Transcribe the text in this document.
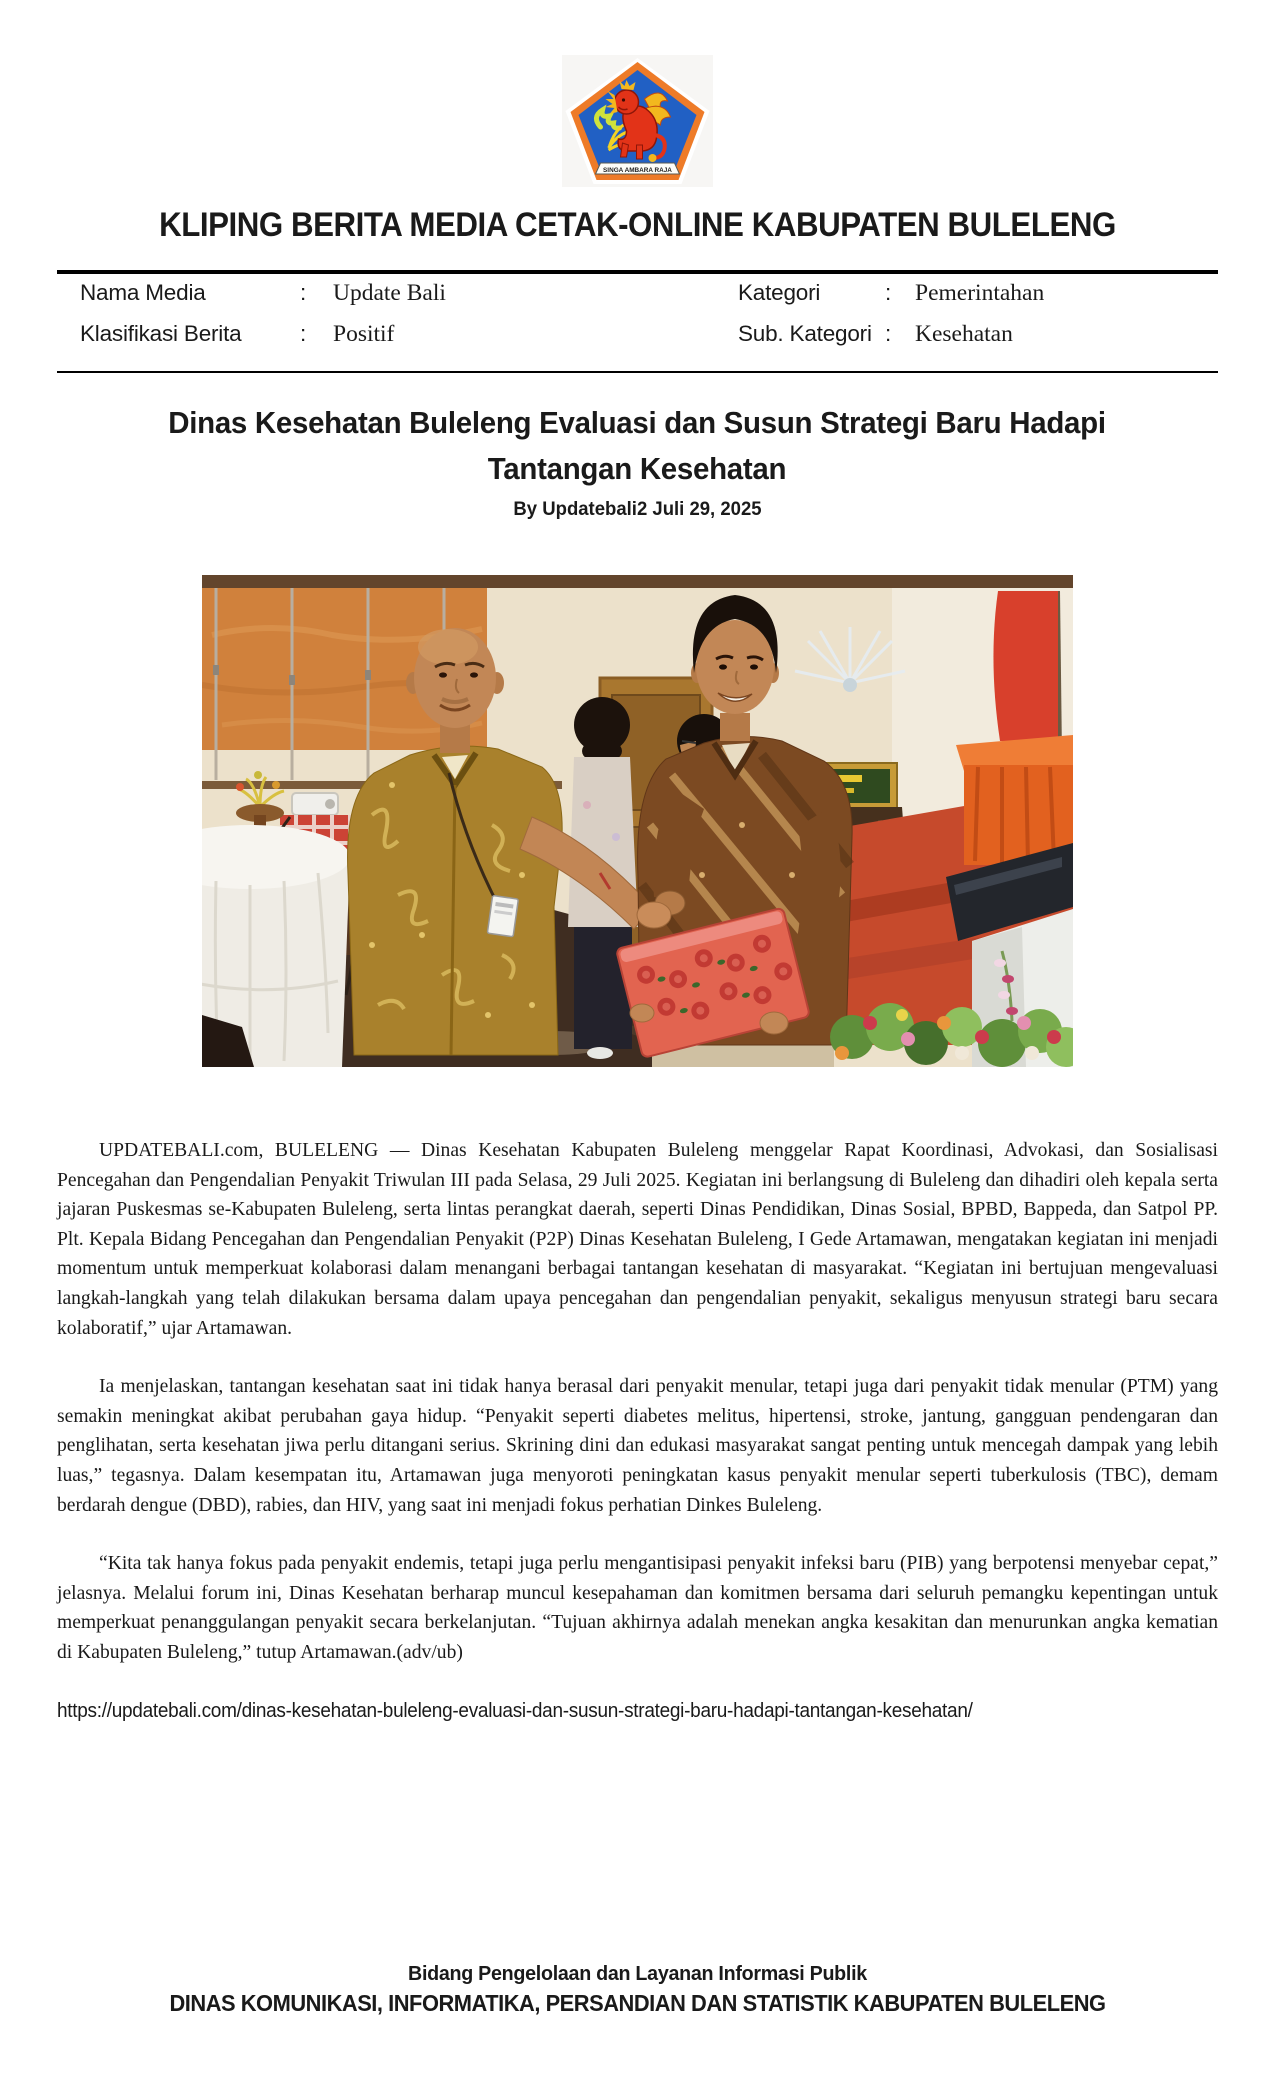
SINGA AMBARA RAJA
KLIPING BERITA MEDIA CETAK-ONLINE KABUPATEN BULELENG
Nama Media	:	Update Bali
Klasifikasi Berita	:	Positif
Kategori	:	Pemerintahan
Sub. Kategori :	Kesehatan
Dinas Kesehatan Buleleng Evaluasi dan Susun Strategi Baru Hadapi Tantangan Kesehatan
By Updatebali2 Juli 29, 2025

UPDATEBALI.com, BULELENG — Dinas Kesehatan Kabupaten Buleleng menggelar Rapat Koordinasi, Advokasi, dan Sosialisasi Pencegahan dan Pengendalian Penyakit Triwulan III pada Selasa, 29 Juli 2025. Kegiatan ini berlangsung di Buleleng dan dihadiri oleh kepala serta jajaran Puskesmas se-Kabupaten Buleleng, serta lintas perangkat daerah, seperti Dinas Pendidikan, Dinas Sosial, BPBD, Bappeda, dan Satpol PP. Plt. Kepala Bidang Pencegahan dan Pengendalian Penyakit (P2P) Dinas Kesehatan Buleleng, I Gede Artamawan, mengatakan kegiatan ini menjadi momentum untuk memperkuat kolaborasi dalam menangani berbagai tantangan kesehatan di masyarakat. “Kegiatan ini bertujuan mengevaluasi langkah-langkah yang telah dilakukan bersama dalam upaya pencegahan dan pengendalian penyakit, sekaligus menyusun strategi baru secara kolaboratif,” ujar Artamawan.

Ia menjelaskan, tantangan kesehatan saat ini tidak hanya berasal dari penyakit menular, tetapi juga dari penyakit tidak menular (PTM) yang semakin meningkat akibat perubahan gaya hidup. “Penyakit seperti diabetes melitus, hipertensi, stroke, jantung, gangguan pendengaran dan penglihatan, serta kesehatan jiwa perlu ditangani serius. Skrining dini dan edukasi masyarakat sangat penting untuk mencegah dampak yang lebih luas,” tegasnya. Dalam kesempatan itu, Artamawan juga menyoroti peningkatan kasus penyakit menular seperti tuberkulosis (TBC), demam berdarah dengue (DBD), rabies, dan HIV, yang saat ini menjadi fokus perhatian Dinkes Buleleng.

“Kita tak hanya fokus pada penyakit endemis, tetapi juga perlu mengantisipasi penyakit infeksi baru (PIB) yang berpotensi menyebar cepat,” jelasnya. Melalui forum ini, Dinas Kesehatan berharap muncul kesepahaman dan komitmen bersama dari seluruh pemangku kepentingan untuk memperkuat penanggulangan penyakit secara berkelanjutan. “Tujuan akhirnya adalah menekan angka kesakitan dan menurunkan angka kematian di Kabupaten Buleleng,” tutup Artamawan.(adv/ub)

https://updatebali.com/dinas-kesehatan-buleleng-evaluasi-dan-susun-strategi-baru-hadapi-tantangan-kesehatan/
Bidang Pengelolaan dan Layanan Informasi Publik
DINAS KOMUNIKASI, INFORMATIKA, PERSANDIAN DAN STATISTIK KABUPATEN BULELENG
